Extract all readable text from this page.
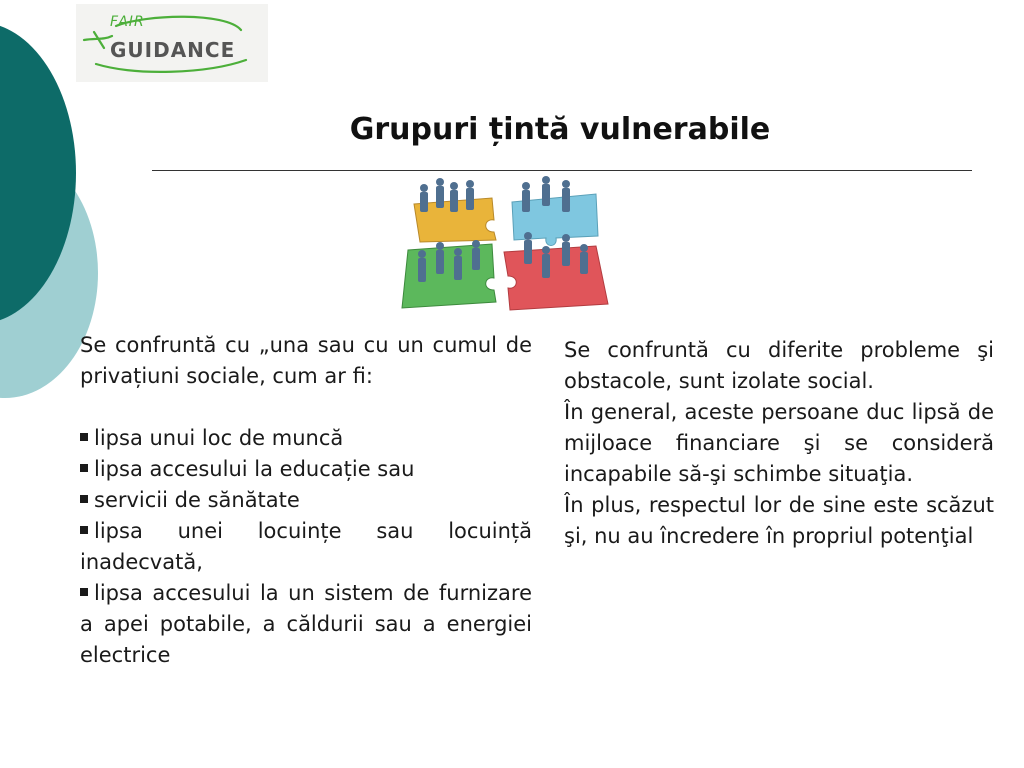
FAIR
GUIDANCE
Grupuri țintă vulnerabile

Se confruntă cu „una sau cu un cumul de privațiuni sociale, cum ar fi:

lipsa unui loc de muncă

lipsa accesului la educație sau

servicii de sănătate

lipsa unei locuințe sau locuință inadecvată,

lipsa accesului la un sistem de furnizare a apei potabile, a căldurii sau a energiei electrice

Se confruntă cu diferite probleme şi obstacole, sunt izolate social.

În general, aceste persoane duc lipsă de mijloace financiare şi se consideră incapabile să-şi schimbe situaţia.

În plus, respectul lor de sine este scăzut şi, nu au încredere în propriul potenţial
